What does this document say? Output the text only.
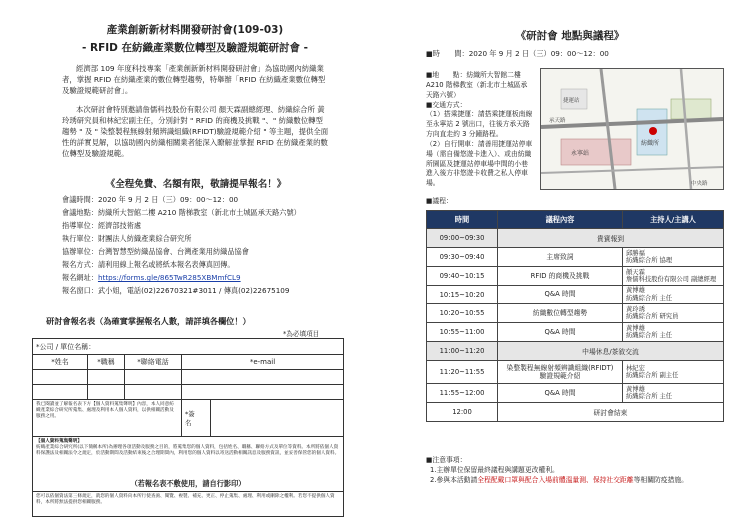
產業創新新材料開發研討會(109-03)
- RFID 在紡織產業數位轉型及驗證規範研討會 -
經濟部 109 年度科技專案「產業創新新材料開發研討會」為協助國內紡織業者，掌握 RFID 在紡織產業的數位轉型趨勢，特舉辦「RFID 在紡織產業數位轉型及驗證規範研討會」。
本次研討會特別邀請詹儒科技股份有限公司 顏天霖副總經理、紡織綜合所 黃玲琇研究員和林紀宏副主任，分別針對 " RFID 的商機及挑戰 "、" 紡織數位轉型趨勢 " 及 " 染整製程無線射頻辨識組織(RFIDT)驗證規範介紹 " 等主題，提供全面性的詳實見解，以協助國內紡織相關業者能深入瞭解並掌握 RFID 在紡織產業的數位轉型及驗證規範。
《全程免費、名額有限，敬請提早報名！》
會議時間：2020 年 9 月 2 日（三）09：00～12：00
會議地點：紡織所大智館二樓 A210 階梯教室（新北市土城區承天路六號）
指導單位：經濟部技術處
執行單位：財團法人紡織產業綜合研究所
協辦單位：台灣智慧型紡織品協會、台灣產業用紡織品協會
報名方式：請利用線上報名或將紙本報名表傳真回傳。
報名網址：https://forms.gle/865TwR285XBMmfCL9
報名窗口：武小姐，電話(02)22670321#3011 / 傳真(02)22675109
研討會報名表（為確實掌握報名人數，請詳填各欄位！）
*為必填項目
*公司 / 單位名稱：				
*姓名	*職稱	*聯絡電話	*e-mail	

我已閱讀並了解報名表下方【個人資料蒐集聲明】內容，本人同意紡織產業綜合研究所蒐集、處理及利用本人個人資料，以供相關活動及服務之用。			*簽　名	

【個人資料蒐集聲明】
紡織產業綜合研究所(以下簡稱本所)為辦理各項活動及服務之目的，將蒐集您的個人資料，包括姓名、職稱、聯絡方式及單位等資料。本所將依個人資料保護法及相關法令之規定，於活動期間及活動結束後之合理期間內，利用您的個人資料以寄送活動相關訊息及服務資訊，並妥善保管您的個人資料。				

您可以依個資法第三條規定，就您的個人資料向本所行使查詢、閱覽、複製、補充、更正、停止蒐集、處理、利用或刪除之權利。若您不提供個人資料，本所將無法提供您相關服務。				
（若報名表不敷使用，請自行影印）
《研討會 地點與議程》
■時　　間：2020 年 9 月 2 日（三）09：00～12：00
■地　　點：紡織所大智館二樓 A210 階梯教室（新北市土城區承天路六號）
■交通方式：
（1）搭乘捷運：請搭乘捷運板南線至永寧站 2 號出口，往後方承天路方向直走約 3 分鐘路程。
（2）自行開車：請善用捷運站停車場（需自備悠遊卡進入）、或由紡織所園區及捷運站停車場中間的小巷進入後方非悠遊卡收費之私人停車場。
紡織所
永寧站
承天路
中央路
捷運站
■議程：
時間	議程內容	主持人/主講人
09:00~09:30	貴賓報到	
09:30~09:40	主席致詞	邱勝福
紡織綜合所 協理
09:40~10:15	RFID 的商機及挑戰	顏天霖
詹儒科技股份有限公司 副總經理
10:15~10:20	Q&A 時間	黃博雄
紡織綜合所 主任
10:20~10:55	紡織數位轉型趨勢	黃玲琇
紡織綜合所 研究員
10:55~11:00	Q&A 時間	黃博雄
紡織綜合所 主任
11:00~11:20	中場休息/茶敘交流	
11:20~11:55	染整製程無線射頻辨識組織(RFIDT)
驗證規範介紹	林紀宏
紡織綜合所 副主任
11:55~12:00	Q&A 時間	黃博雄
紡織綜合所 主任
12:00	研討會結束	
■注意事項：
1.主辦單位保留最終議程與講題更改權利。
2.參與本活動請全程配戴口罩與配合入場前體溫量測、保持社交距離等相關防疫措施。
